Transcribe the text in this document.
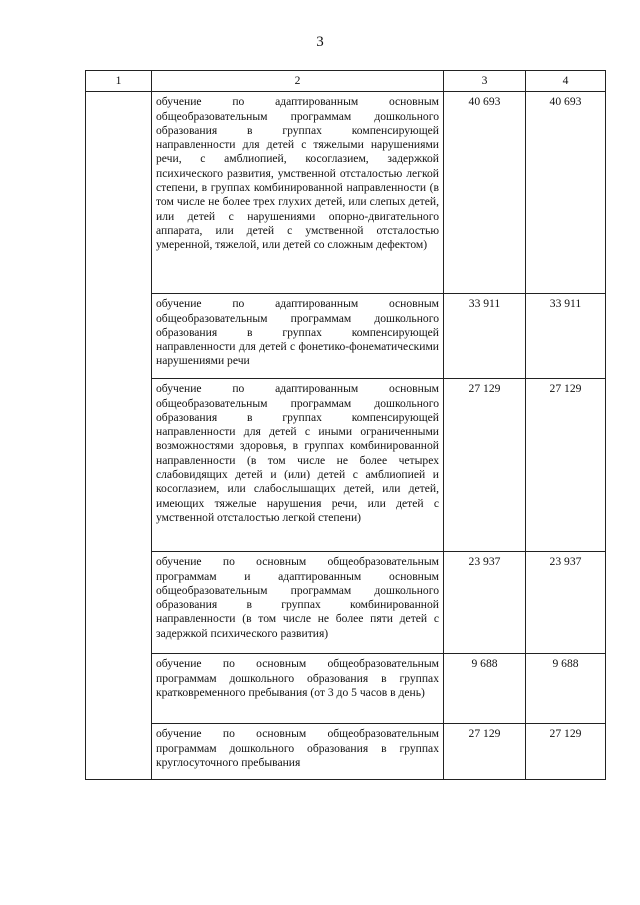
3
1	2	3	4
	обучение по адаптированным основным общеобразовательным программам дошкольного образования в группах компенсирующей направленности для детей с тяжелыми нарушениями речи, с амблиопией, косоглазием, задержкой психического развития, умственной отсталостью легкой степени, в группах комбинированной направленности (в том числе не более трех глухих детей, или слепых детей, или детей с нарушениями опорно-двигательного аппарата, или детей с умственной отсталостью умеренной, тяжелой, или детей со сложным дефектом)	40 693	40 693
	обучение по адаптированным основным общеобразовательным программам дошкольного образования в группах компенсирующей направленности для детей с фонетико-фонематическими нарушениями речи	33 911	33 911
	обучение по адаптированным основным общеобразовательным программам дошкольного образования в группах компенсирующей направленности для детей с иными ограниченными возможностями здоровья, в группах комбинированной направленности (в том числе не более четырех слабовидящих детей и (или) детей с амблиопией и косоглазием, или слабослышащих детей, или детей, имеющих тяжелые нарушения речи, или детей с умственной отсталостью легкой степени)	27 129	27 129
	обучение по основным общеобразовательным программам и адаптированным основным общеобразовательным программам дошкольного образования в группах комбинированной направленности (в том числе не более пяти детей с задержкой психического развития)	23 937	23 937
	обучение по основным общеобразовательным программам дошкольного образования в группах кратковременного пребывания (от 3 до 5 часов в день)	9 688	9 688
	обучение по основным общеобразовательным программам дошкольного образования в группах круглосуточного пребывания	27 129	27 129
